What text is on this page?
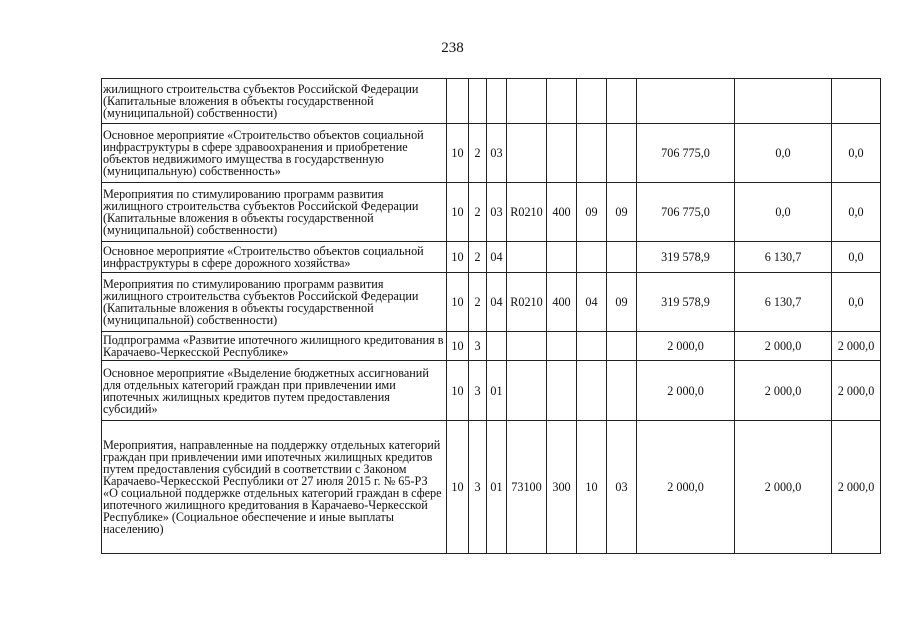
238
жилищного строительства субъектов Российской Федерации (Капитальные вложения в объекты государственной (муниципальной) собственности)										
Основное мероприятие «Строительство объектов социальной инфраструктуры в сфере здравоохранения и приобретение объектов недвижимого имущества в государственную (муниципальную) собственность»	10	2	03					706 775,0	0,0	0,0
Мероприятия по стимулированию программ развития жилищного строительства субъектов Российской Федерации (Капитальные вложения в объекты государственной (муниципальной) собственности)	10	2	03	R0210	400	09	09	706 775,0	0,0	0,0
Основное мероприятие «Строительство объектов социальной инфраструктуры в сфере дорожного хозяйства»	10	2	04					319 578,9	6 130,7	0,0
Мероприятия по стимулированию программ развития жилищного строительства субъектов Российской Федерации (Капитальные вложения в объекты государственной (муниципальной) собственности)	10	2	04	R0210	400	04	09	319 578,9	6 130,7	0,0
Подпрограмма «Развитие ипотечного жилищного кредитования в Карачаево-Черкесской Республике»	10	3						2 000,0	2 000,0	2 000,0
Основное мероприятие «Выделение бюджетных ассигнований для отдельных категорий граждан при привлечении ими ипотечных жилищных кредитов путем предоставления субсидий»	10	3	01					2 000,0	2 000,0	2 000,0
Мероприятия, направленные на поддержку отдельных категорий граждан при привлечении ими ипотечных жилищных кредитов путем предоставления субсидий в соответствии с Законом Карачаево-Черкесской Республики от 27 июля 2015 г. № 65-РЗ «О социальной поддержке отдельных категорий граждан в сфере ипотечного жилищного кредитования в Карачаево-Черкесской Республике» (Социальное обеспечение и иные выплаты населению)	10	3	01	73100	300	10	03	2 000,0	2 000,0	2 000,0
